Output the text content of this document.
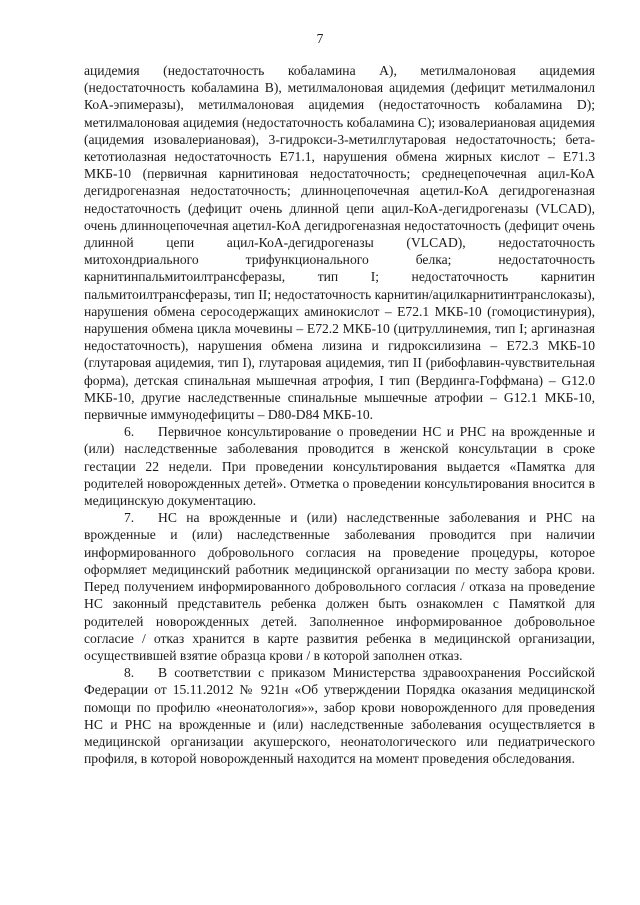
7

ацидемия (недостаточность кобаламина A), метилмалоновая ацидемия (недостаточность кобаламина B), метилмалоновая ацидемия (дефицит метилмалонил КоА-эпимеразы), метилмалоновая ацидемия (недостаточность кобаламина D); метилмалоновая ацидемия (недостаточность кобаламина C); изовалериановая ацидемия (ацидемия изовалериановая), 3-гидрокси-3-метилглутаровая недостаточность; бета-кетотиолазная недостаточность E71.1, нарушения обмена жирных кислот – E71.3 МКБ-10 (первичная карнитиновая недостаточность; среднецепочечная ацил-КоА дегидрогеназная недостаточность; длинноцепочечная ацетил-КоА дегидрогеназная недостаточность (дефицит очень длинной цепи ацил-КоА-дегидрогеназы (VLCAD), очень длинноцепочечная ацетил-КоА дегидрогеназная недостаточность (дефицит очень длинной цепи ацил-КоА-дегидрогеназы (VLCAD), недостаточность митохондриального трифункционального белка; недостаточность карнитинпальмитоилтрансферазы, тип I; недостаточность карнитин пальмитоилтрансферазы, тип II; недостаточность карнитин/ацилкарнитинтранслоказы), нарушения обмена серосодержащих аминокислот – E72.1 МКБ-10 (гомоцистинурия), нарушения обмена цикла мочевины – E72.2 МКБ-10 (цитруллинемия, тип I; аргиназная недостаточность), нарушения обмена лизина и гидроксилизина – E72.3 МКБ-10 (глутаровая ацидемия, тип I), глутаровая ацидемия, тип II (рибофлавин-чувствительная форма), детская спинальная мышечная атрофия, I тип (Вердинга-Гоффмана) – G12.0 МКБ-10, другие наследственные спинальные мышечные атрофии – G12.1 МКБ-10, первичные иммунодефициты – D80-D84 МКБ-10.

6. Первичное консультирование о проведении НС и РНС на врожденные и (или) наследственные заболевания проводится в женской консультации в сроке гестации 22 недели. При проведении консультирования выдается «Памятка для родителей новорожденных детей». Отметка о проведении консультирования вносится в медицинскую документацию.

7. НС на врожденные и (или) наследственные заболевания и РНС на врожденные и (или) наследственные заболевания проводится при наличии информированного добровольного согласия на проведение процедуры, которое оформляет медицинский работник медицинской организации по месту забора крови. Перед получением информированного добровольного согласия / отказа на проведение НС законный представитель ребенка должен быть ознакомлен с Памяткой для родителей новорожденных детей. Заполненное информированное добровольное согласие / отказ хранится в карте развития ребенка в медицинской организации, осуществившей взятие образца крови / в которой заполнен отказ.

8. В соответствии с приказом Министерства здравоохранения Российской Федерации от 15.11.2012 № 921н «Об утверждении Порядка оказания медицинской помощи по профилю «неонатология»», забор крови новорожденного для проведения НС и РНС на врожденные и (или) наследственные заболевания осуществляется в медицинской организации акушерского, неонатологического или педиатрического профиля, в которой новорожденный находится на момент проведения обследования.
